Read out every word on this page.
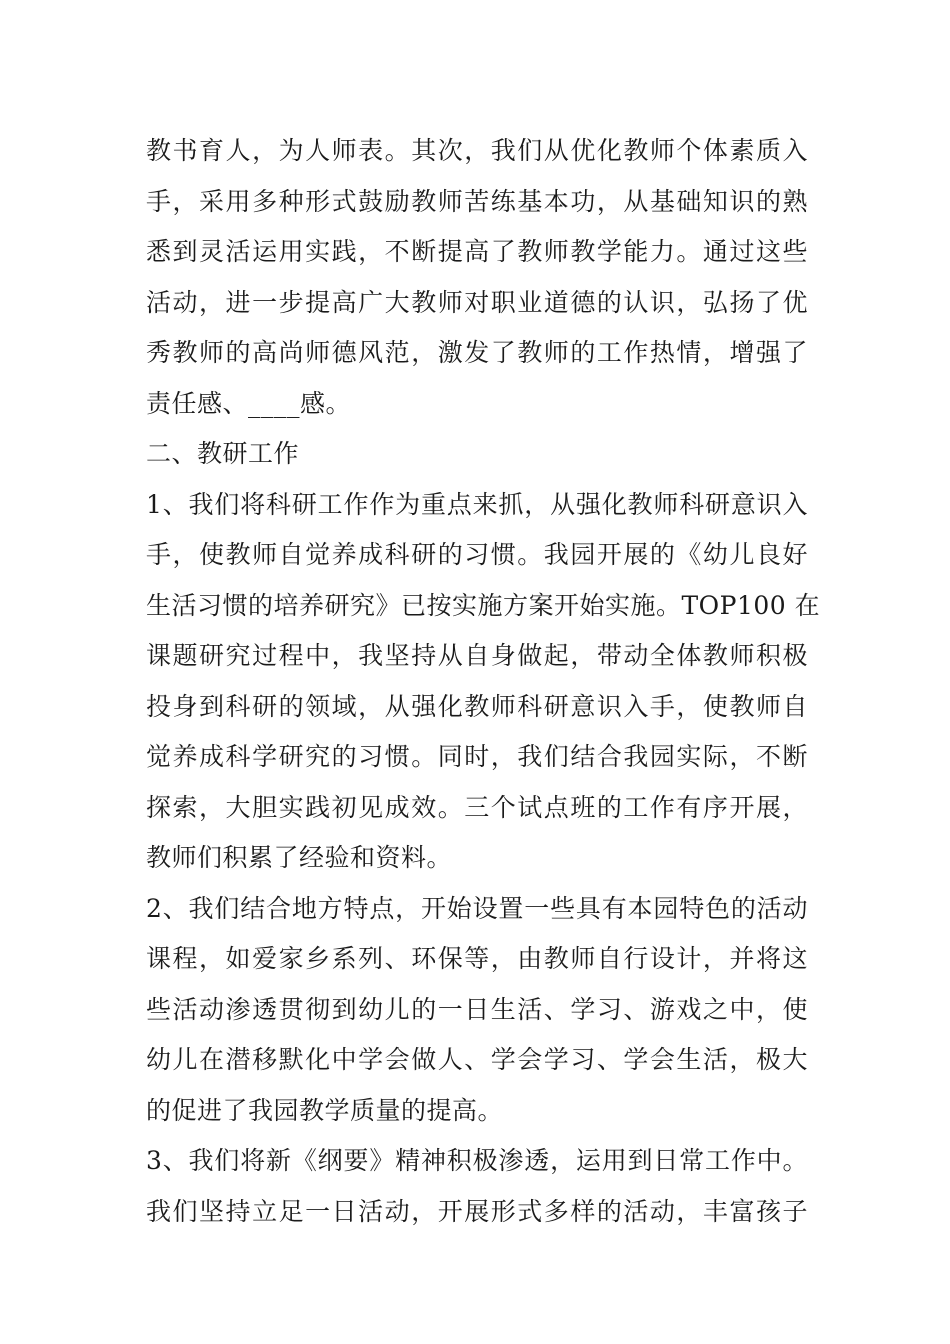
教书育人，为人师表。其次，我们从优化教师个体素质入
手，采用多种形式鼓励教师苦练基本功，从基础知识的熟
悉到灵活运用实践，不断提高了教师教学能力。通过这些
活动，进一步提高广大教师对职业道德的认识，弘扬了优
秀教师的高尚师德风范，激发了教师的工作热情，增强了
责任感、____感。
二、教研工作
1、我们将科研工作作为重点来抓，从强化教师科研意识入
手，使教师自觉养成科研的习惯。我园开展的《幼儿良好
生活习惯的培养研究》已按实施方案开始实施。TOP100 在
课题研究过程中，我坚持从自身做起，带动全体教师积极
投身到科研的领域，从强化教师科研意识入手，使教师自
觉养成科学研究的习惯。同时，我们结合我园实际，不断
探索，大胆实践初见成效。三个试点班的工作有序开展，
教师们积累了经验和资料。
2、我们结合地方特点，开始设置一些具有本园特色的活动
课程，如爱家乡系列、环保等，由教师自行设计，并将这
些活动渗透贯彻到幼儿的一日生活、学习、游戏之中，使
幼儿在潜移默化中学会做人、学会学习、学会生活，极大
的促进了我园教学质量的提高。
3、我们将新《纲要》精神积极渗透，运用到日常工作中。
我们坚持立足一日活动，开展形式多样的活动，丰富孩子
